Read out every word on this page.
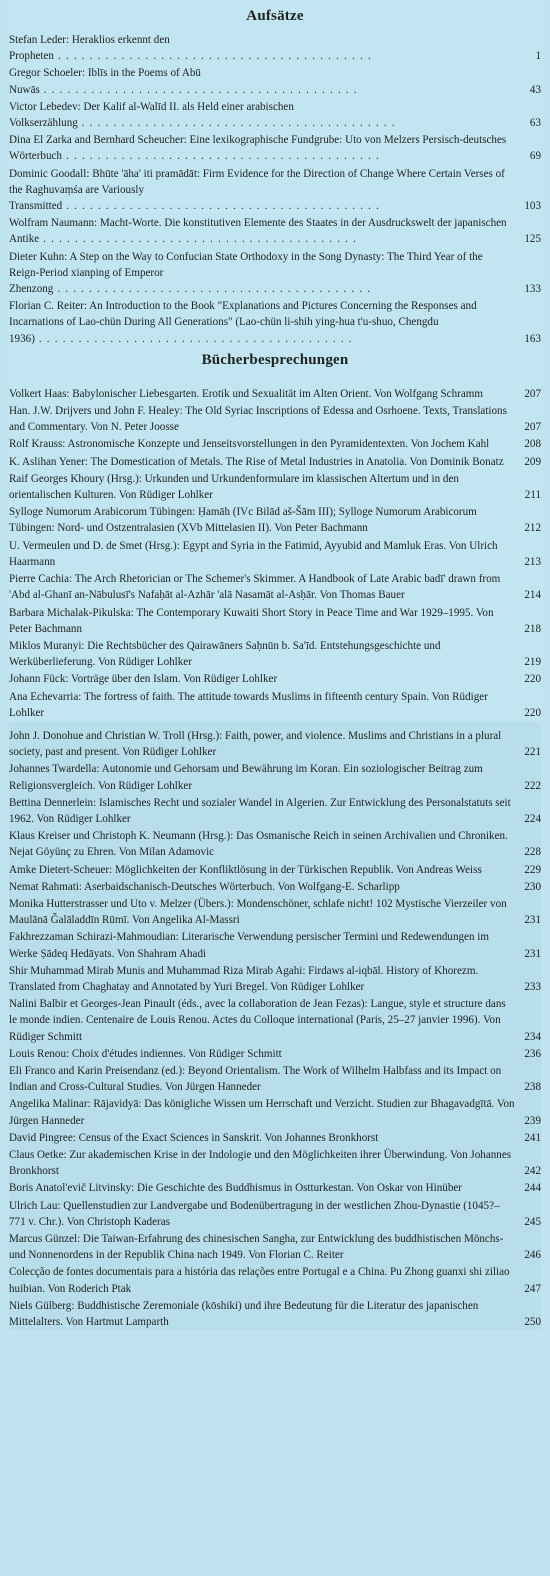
Aufsätze
Stefan Leder: Heraklios erkennt den Propheten . . .	1
Gregor Schoeler: Iblīs in the Poems of Abū Nuwās . . .	43
Victor Lebedev: Der Kalif al-Walīd II. als Held einer arabischen Volkserzählung . . .	63
Dina El Zarka and Bernhard Scheucher: Eine lexikographische Fundgrube: Uto von Melzers Persisch-deutsches Wörterbuch . . .	69
Dominic Goodall: Bhūte 'āha' iti pramādāt: Firm Evidence for the Direction of Change Where Certain Verses of the Raghuvaṃśa are Variously Transmitted . . .	103
Wolfram Naumann: Macht-Worte. Die konstitutiven Elemente des Staates in der Ausdruckswelt der japanischen Antike . . .	125
Dieter Kuhn: A Step on the Way to Confucian State Orthodoxy in the Song Dynasty: The Third Year of the Reign-Period xianping of Emperor Zhenzong . . .	133
Florian C. Reiter: An Introduction to the Book "Explanations and Pictures Concerning the Responses and Incarnations of Lao-chün During All Generations" (Lao-chün li-shih ying-hua t'u-shuo, Chengdu 1936) . . .	163
Bücherbesprechungen
Volkert Haas: Babylonischer Liebesgarten. Erotik und Sexualität im Alten Orient. Von Wolfgang Schramm	207
Han. J.W. Drijvers und John F. Healey: The Old Syriac Inscriptions of Edessa and Osrhoene. Texts, Translations and Commentary. Von N. Peter Joosse	207
Rolf Krauss: Astronomische Konzepte und Jenseitsvorstellungen in den Pyramidentexten. Von Jochem Kahl	208
K. Aslihan Yener: The Domestication of Metals. The Rise of Metal Industries in Anatolia. Von Dominik Bonatz	209
Raif Georges Khoury (Hrsg.): Urkunden und Urkundenformulare im klassischen Altertum und in den orientalischen Kulturen. Von Rüdiger Lohlker	211
Sylloge Numorum Arabicorum Tübingen: Ḥamāh (IVc Bilād aš-Šām III); Sylloge Numorum Arabicorum Tübingen: Nord- und Ostzentralasien (XVb Mittelasien II). Von Peter Bachmann	212
U. Vermeulen und D. de Smet (Hrsg.): Egypt and Syria in the Fatimid, Ayyubid and Mamluk Eras. Von Ulrich Haarmann	213
Pierre Cachia: The Arch Rhetorician or The Schemer's Skimmer. A Handbook of Late Arabic badī' drawn from 'Abd al-Ghanī an-Nābulusī's Nafaḥāt al-Azhār 'alā Nasamāt al-Asḥār. Von Thomas Bauer	214
Barbara Michalak-Pikulska: The Contemporary Kuwaiti Short Story in Peace Time and War 1929–1995. Von Peter Bachmann	218
Miklos Muranyi: Die Rechtsbücher des Qairawāners Saḥnūn b. Sa'īd. Entstehungsgeschichte und Werküberlieferung. Von Rüdiger Lohlker	219
Johann Fück: Vorträge über den Islam. Von Rüdiger Lohlker	220
Ana Echevarria: The fortress of faith. The attitude towards Muslims in fifteenth century Spain. Von Rüdiger Lohlker	220
John J. Donohue and Christian W. Troll (Hrsg.): Faith, power, and violence. Muslims and Christians in a plural society, past and present. Von Rüdiger Lohlker	221
Johannes Twardella: Autonomie und Gehorsam und Bewährung im Koran. Ein soziologischer Beitrag zum Religionsvergleich. Von Rüdiger Lohlker	222
Bettina Dennerlein: Islamisches Recht und sozialer Wandel in Algerien. Zur Entwicklung des Personalstatuts seit 1962. Von Rüdiger Lohlker	224
Klaus Kreiser und Christoph K. Neumann (Hrsg.): Das Osmanische Reich in seinen Archivalien und Chroniken. Nejat Göyünç zu Ehren. Von Milan Adamovic	228
Amke Dietert-Scheuer: Möglichkeiten der Konfliktlösung in der Türkischen Republik. Von Andreas Weiss	229
Nemat Rahmati: Aserbaidschanisch-Deutsches Wörterbuch. Von Wolfgang-E. Scharlipp	230
Monika Hutterstrasser und Uto v. Melzer (Übers.): Mondenschöner, schlafe nicht! 102 Mystische Vierzeiler von Maulānā Ǧalāladdīn Rūmī. Von Angelika Al-Massri	231
Fakhrezzaman Schirazi-Mahmoudian: Literarische Verwendung persischer Termini und Redewendungen im Werke Ṣādeq Hedāyats. Von Shahram Ahadi	231
Shir Muhammad Mirab Munis and Muhammad Riza Mirab Agahi: Firdaws al-iqbāl. History of Khorezm. Translated from Chaghatay and Annotated by Yuri Bregel. Von Rüdiger Lohlker	233
Nalini Balbir et Georges-Jean Pinault (éds., avec la collaboration de Jean Fezas): Langue, style et structure dans le monde indien. Centenaire de Louis Renou. Actes du Colloque international (Paris, 25–27 janvier 1996). Von Rüdiger Schmitt	234
Louis Renou: Choix d'études indiennes. Von Rüdiger Schmitt	236
Eli Franco and Karin Preisendanz (ed.): Beyond Orientalism. The Work of Wilhelm Halbfass and its Impact on Indian and Cross-Cultural Studies. Von Jürgen Hanneder	238
Angelika Malinar: Rājavidyā: Das königliche Wissen um Herrschaft und Verzicht. Studien zur Bhagavadgītā. Von Jürgen Hanneder	239
David Pingree: Census of the Exact Sciences in Sanskrit. Von Johannes Bronkhorst	241
Claus Oetke: Zur akademischen Krise in der Indologie und den Möglichkeiten ihrer Überwindung. Von Johannes Bronkhorst	242
Boris Anatol'evič Litvinsky: Die Geschichte des Buddhismus in Ostturkestan. Von Oskar von Hinüber	244
Ulrich Lau: Quellenstudien zur Landvergabe und Bodenübertragung in der westlichen Zhou-Dynastie (1045?–771 v. Chr.). Von Christoph Kaderas	245
Marcus Günzel: Die Taiwan-Erfahrung des chinesischen Sangha, zur Entwicklung des buddhistischen Mönchs- und Nonnenordens in der Republik China nach 1949. Von Florian C. Reiter	246
Colecção de fontes documentais para a história das relações entre Portugal e a China. Pu Zhong guanxi shi ziliao huibian. Von Roderich Ptak	247
Niels Gülberg: Buddhistische Zeremoniale (kōshiki) und ihre Bedeutung für die Literatur des japanischen Mittelalters. Von Hartmut Lamparth	250
